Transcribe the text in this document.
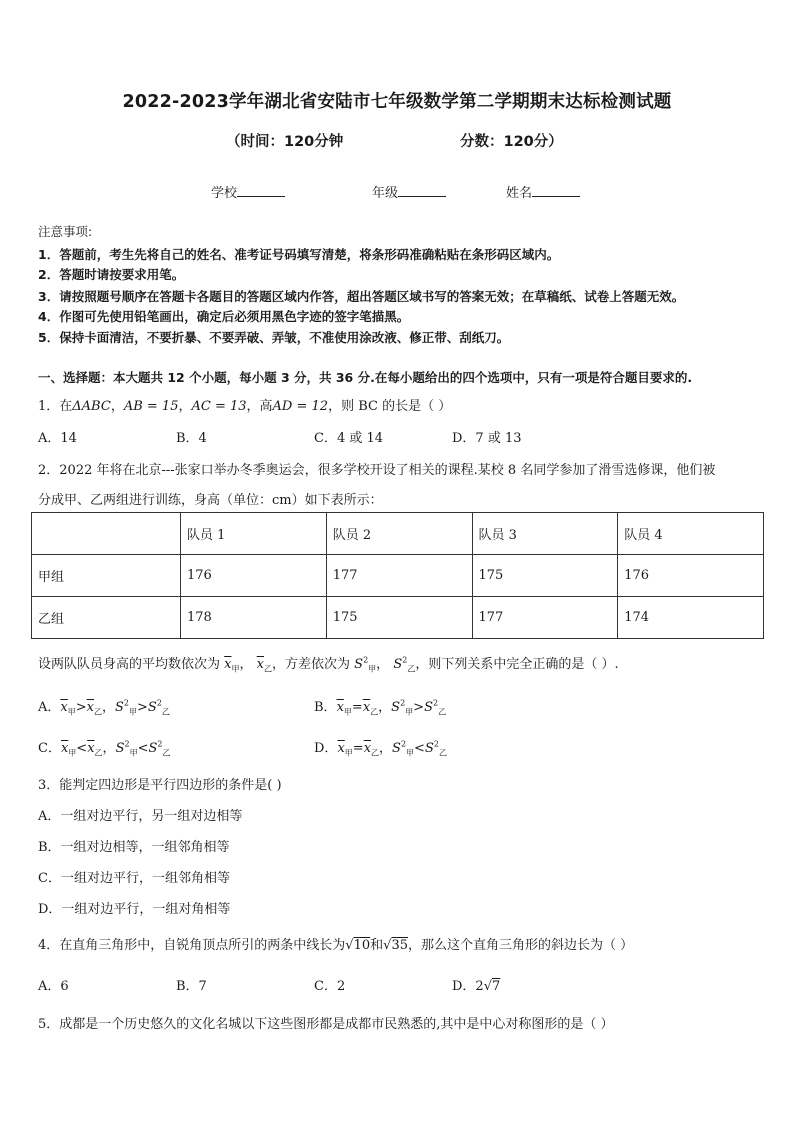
2022-2023学年湖北省安陆市七年级数学第二学期期末达标检测试题
（时间：120分钟	分数：120分）
学校	年级	姓名
注意事项:
1．答题前，考生先将自己的姓名、准考证号码填写清楚，将条形码准确粘贴在条形码区域内。
2．答题时请按要求用笔。
3．请按照题号顺序在答题卡各题目的答题区域内作答，超出答题区域书写的答案无效；在草稿纸、试卷上答题无效。
4．作图可先使用铅笔画出，确定后必须用黑色字迹的签字笔描黑。
5．保持卡面清洁，不要折暴、不要弄破、弄皱，不准使用涂改液、修正带、刮纸刀。
一、选择题：本大题共 12 个小题，每小题 3 分，共 36 分.在每小题给出的四个选项中，只有一项是符合题目要求的.
1．在ΔABC，AB = 15，AC = 13，高AD = 12，则 BC 的长是（ ）
A．14	B．4	C．4 或 14	D．7 或 13
2．2022 年将在北京---张家口举办冬季奥运会，很多学校开设了相关的课程.某校 8 名同学参加了滑雪选修课，他们被
分成甲、乙两组进行训练，身高（单位：cm）如下表所示：
	队员 1	队员 2	队员 3	队员 4
甲组	176	177	175	176
乙组	178	175	177	174
设两队队员身高的平均数依次为 $\overline{x}_甲$， $\overline{x}_乙$，方差依次为 $S^2_甲$， $S^2_乙$，则下列关系中完全正确的是（ ）.
A．$\overline{x}_甲>\overline{x}_乙$，$S^2_甲>S^2_乙$	B．$\overline{x}_甲=\overline{x}_乙$，$S^2_甲>S^2_乙$
C．$\overline{x}_甲<\overline{x}_乙$，$S^2_甲<S^2_乙$	D．$\overline{x}_甲=\overline{x}_乙$，$S^2_甲<S^2_乙$
3．能判定四边形是平行四边形的条件是( )
A．一组对边平行，另一组对边相等
B．一组对边相等，一组邻角相等
C．一组对边平行，一组邻角相等
D．一组对边平行，一组对角相等
4．在直角三角形中，自锐角顶点所引的两条中线长为√10和√35，那么这个直角三角形的斜边长为（ ）
A．6	B．7	C．2	D．2√7
5．成都是一个历史悠久的文化名城以下这些图形都是成都市民熟悉的,其中是中心对称图形的是（ ）
